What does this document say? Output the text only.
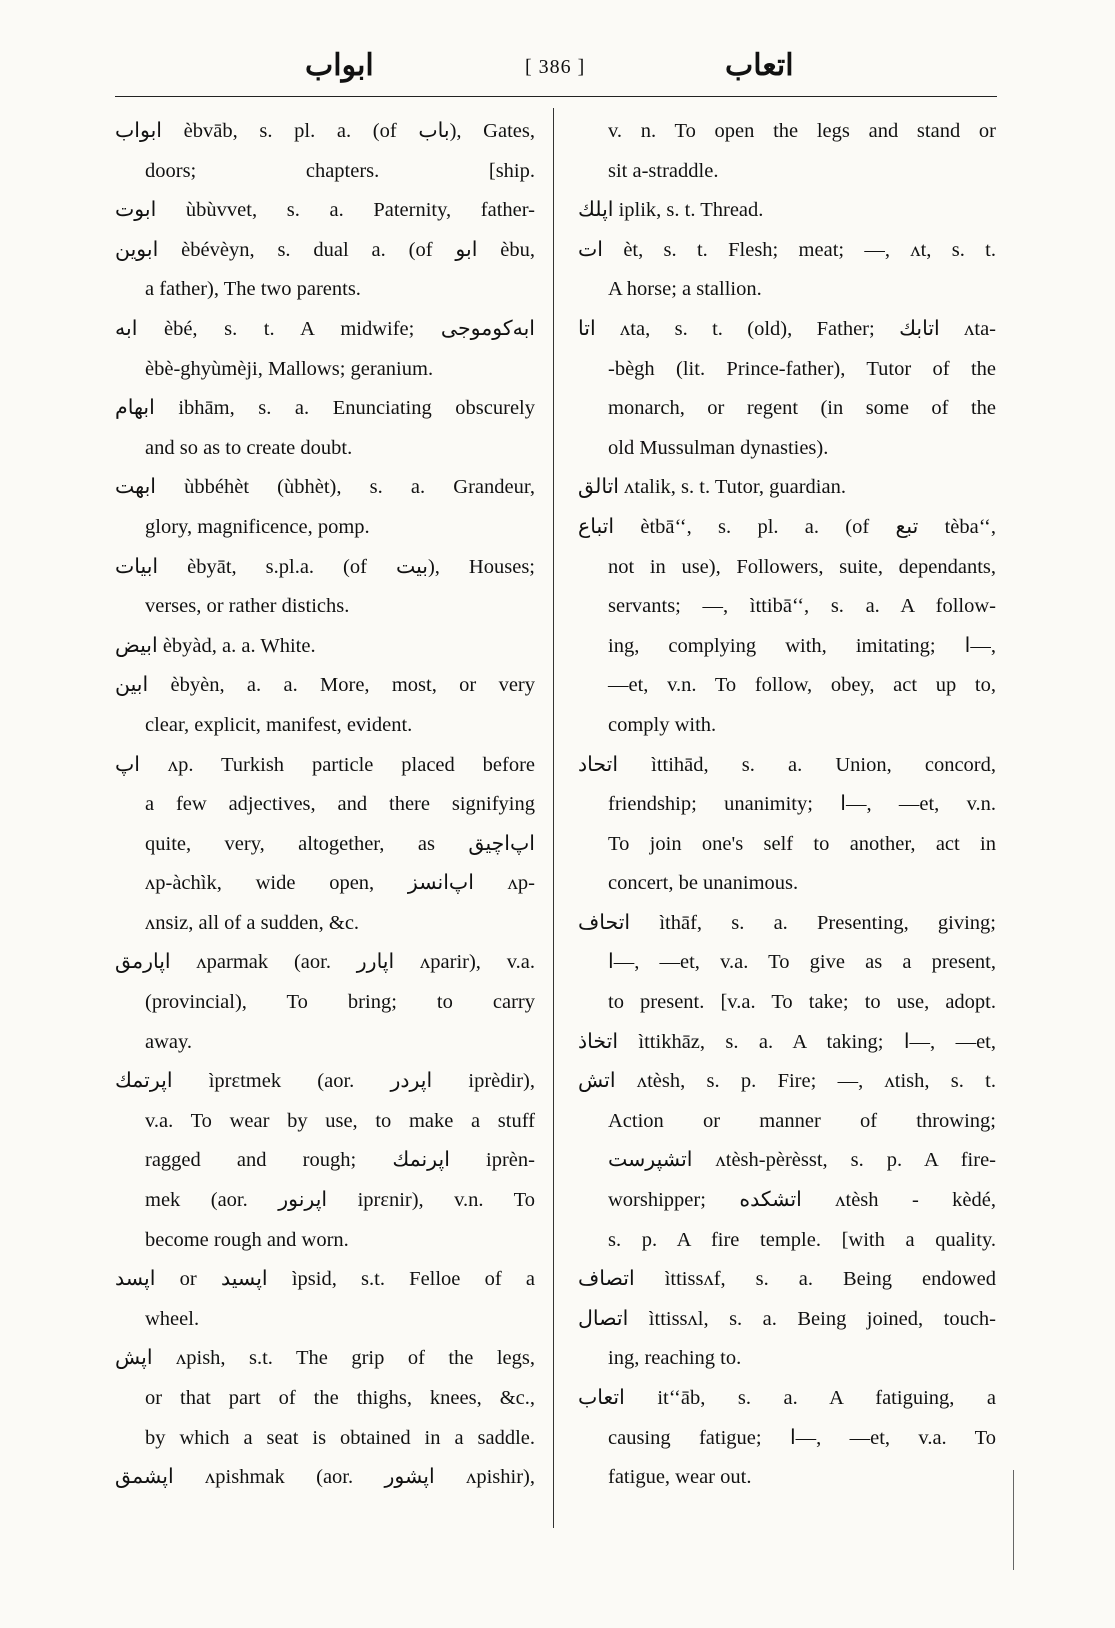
ابواب	[ 386 ]	اتعاب
ابواب èbvāb, s. pl. a. (of باب), Gates,
doors; chapters. [ship.
ابوت ùbùvvet, s. a. Paternity, father-
ابوین èbévèyn, s. dual a. (of ابو èbu,
a father), The two parents.
ابه èbé, s. t. A midwife; ابه‌کوموجی
èbè-ghyùmèji, Mallows; geranium.
ابهام ibhām, s. a. Enunciating obscurely
and so as to create doubt.
ابهت ùbbéhèt (ùbhèt), s. a. Grandeur,
glory, magnificence, pomp.
ابیات èbyāt, s.pl.a. (of بیت), Houses;
verses, or rather distichs.
ابیض èbyàd, a. a. White.
ابین èbyèn, a. a. More, most, or very
clear, explicit, manifest, evident.
اپ ʌp. Turkish particle placed before
a few adjectives, and there signifying
quite, very, altogether, as اپ‌اچیق
ʌp-àchìk, wide open, اپ‌انسز ʌp-
ʌnsiz, all of a sudden, &c.
اپارمق ʌparmak (aor. اپارر ʌparir), v.a.
(provincial), To bring; to carry
away.
اپرتمك ìprɛtmek (aor. اپردر iprèdir),
v.a. To wear by use, to make a stuff
ragged and rough; اپرنمك iprèn-
mek (aor. اپرنور iprɛnir), v.n. To
become rough and worn.
اپسد or اپسید ìpsid, s.t. Felloe of a
wheel.
اپش ʌpish, s.t. The grip of the legs,
or that part of the thighs, knees, &c.,
by which a seat is obtained in a saddle.
اپشمق ʌpishmak (aor. اپشور ʌpishir),
v. n. To open the legs and stand or
sit a-straddle.
اپلك iplik, s. t. Thread.
ات èt, s. t. Flesh; meat; —, ʌt, s. t.
A horse; a stallion.
اتا ʌta, s. t. (old), Father; اتابك ʌta-
-bègh (lit. Prince-father), Tutor of the
monarch, or regent (in some of the
old Mussulman dynasties).
اتالق ʌtalik, s. t. Tutor, guardian.
اتباع ètbā‘‘, s. pl. a. (of تبع tèba‘‘,
not in use), Followers, suite, dependants,
servants; —, ìttibā‘‘, s. a. A follow-
ing, complying with, imitating; ا—,
—et, v.n. To follow, obey, act up to,
comply with.
اتحاد ìttihād, s. a. Union, concord,
friendship; unanimity; ا—, —et, v.n.
To join one's self to another, act in
concert, be unanimous.
اتحاف ìthāf, s. a. Presenting, giving;
ا—, —et, v.a. To give as a present,
to present. [v.a. To take; to use, adopt.
اتخاذ ìttikhāz, s. a. A taking; ا—, —et,
اتش ʌtèsh, s. p. Fire; —, ʌtish, s. t.
Action or manner of throwing;
اتشپرست ʌtèsh-pèrèsst, s. p. A fire-
worshipper; اتشكده ʌtèsh - kèdé,
s. p. A fire temple. [with a quality.
اتصاف ìttissʌf, s. a. Being endowed
اتصال ìttissʌl, s. a. Being joined, touch-
ing, reaching to.
اتعاب it‘‘āb, s. a. A fatiguing, a
causing fatigue; ا—, —et, v.a. To
fatigue, wear out.
